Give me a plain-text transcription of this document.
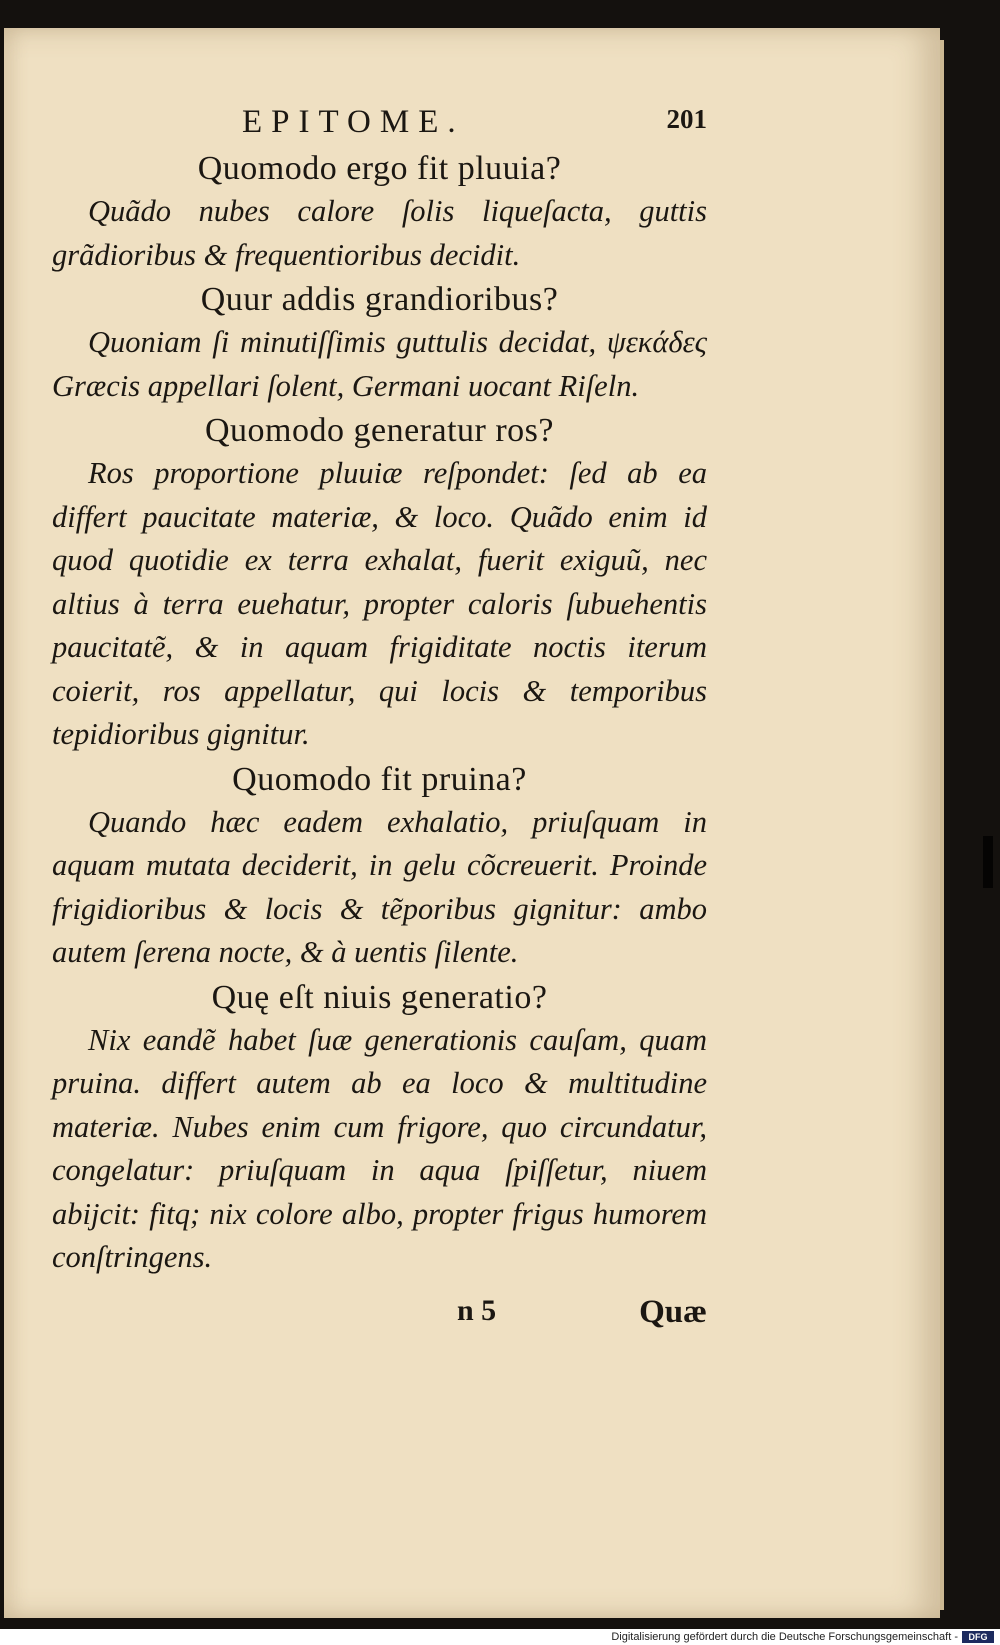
EPITOME.	201
Quomodo ergo fit pluuia?

Quãdo nubes calore ſolis liqueſacta, guttis grãdioribus & frequentioribus decidit.

Quur addis grandioribus?

Quoniam ſi minutiſſimis guttulis decidat, ψεκάδες Græcis appellari ſolent, Germani uocant Riſeln.

Quomodo generatur ros?

Ros proportione pluuiæ reſpondet: ſed ab ea differt paucitate materiæ, & loco. Quãdo enim id quod quotidie ex terra exhalat, fuerit exiguũ, nec altius à terra euehatur, propter caloris ſubuehentis paucitatẽ, & in aquam frigiditate noctis iterum coierit, ros appellatur, qui locis & temporibus tepidioribus gignitur.

Quomodo fit pruina?

Quando hæc eadem exhalatio, priuſquam in aquam mutata deciderit, in gelu cõcreuerit. Proinde frigidioribus & locis & tẽporibus gignitur: ambo autem ſerena nocte, & à uentis ſilente.

Quę eſt niuis generatio?

Nix eandẽ habet ſuæ generationis cauſam, quam pruina. differt autem ab ea loco & multitudine materiæ. Nubes enim cum frigore, quo circundatur, congelatur: priuſquam in aqua ſpiſſetur, niuem abijcit: fitq; nix colore albo, propter frigus humorem conſtringens.

n 5	Quæ
Digitalisierung gefördert durch die Deutsche Forschungsgemeinschaft -	DFG
